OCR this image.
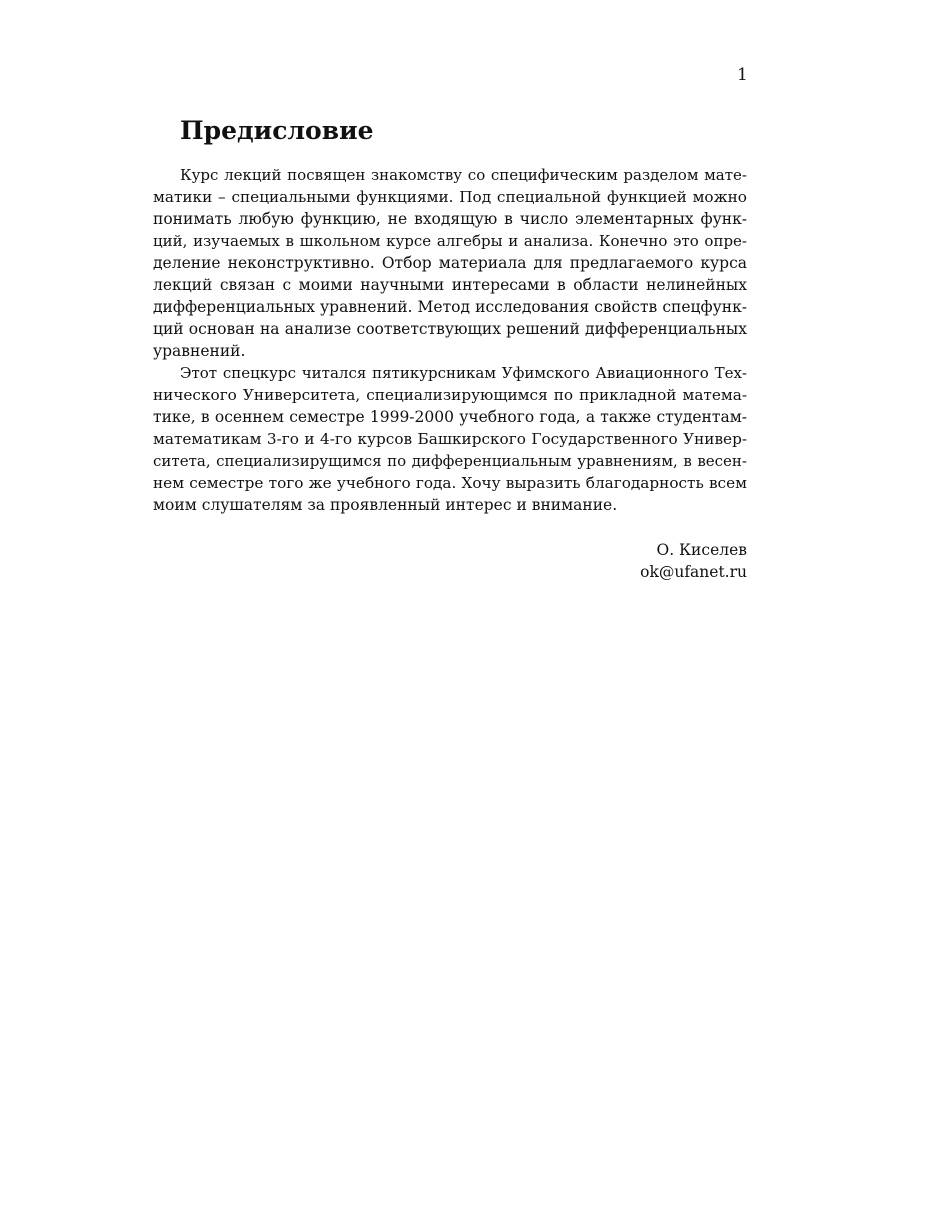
1
Предисловие
Курс лекций посвящен знакомству со специфическим разделом мате-
матики – специальными функциями. Под специальной функцией можно
понимать любую функцию, не входящую в число элементарных функ-
ций, изучаемых в школьном курсе алгебры и анализа. Конечно это опре-
деление неконструктивно. Отбор материала для предлагаемого курса
лекций связан с моими научными интересами в области нелинейных
дифференциальных уравнений. Метод исследования свойств спецфунк-
ций основан на анализе соответствующих решений дифференциальных
уравнений.
Этот спецкурс читался пятикурсникам Уфимского Авиационного Тех-
нического Университета, специализирующимся по прикладной матема-
тике, в осеннем семестре 1999-2000 учебного года, а также студентам-
математикам 3-го и 4-го курсов Башкирского Государственного Универ-
ситета, специализирущимся по дифференциальным уравнениям, в весен-
нем семестре того же учебного года. Хочу выразить благодарность всем
моим слушателям за проявленный интерес и внимание.
О. Киселев
ok@ufanet.ru
